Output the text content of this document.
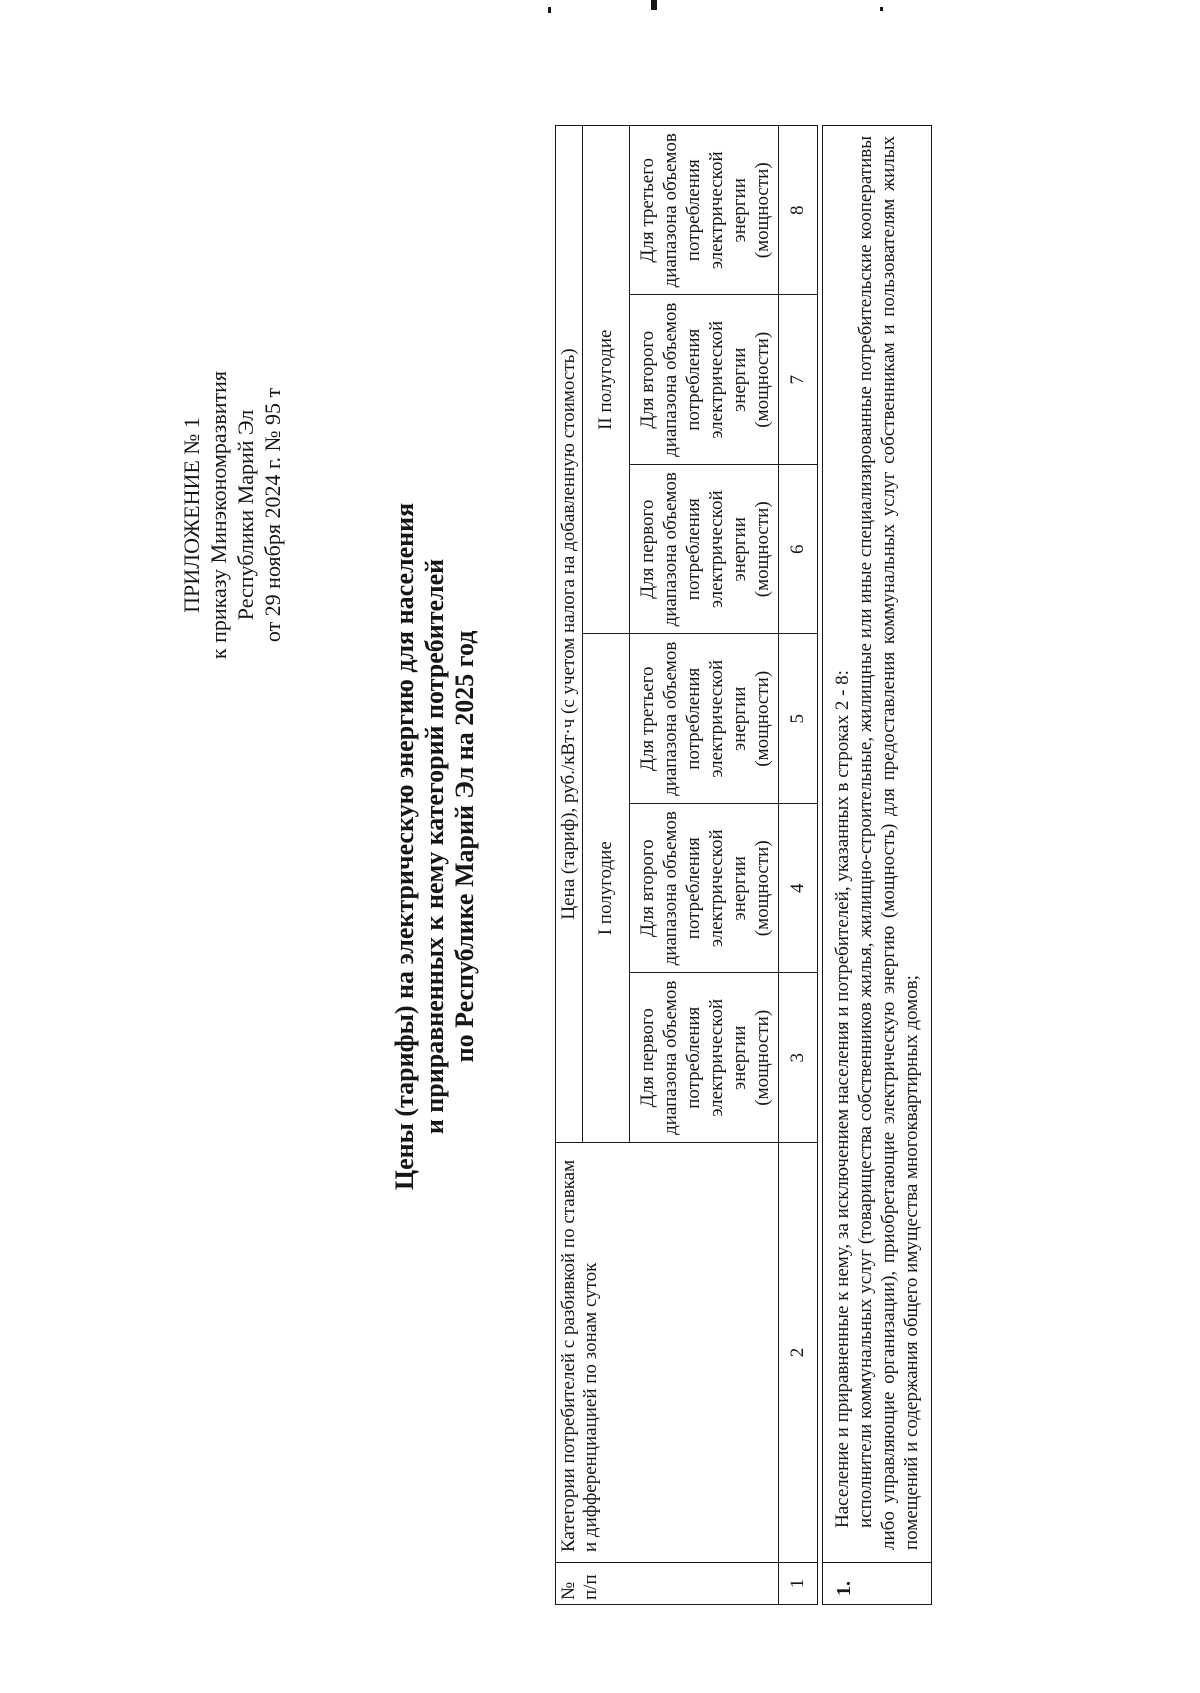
ПРИЛОЖЕНИЕ № 1 к приказу Минэкономразвития Республики Марий Эл от 29 ноября 2024 г. № 95 т	Цены (тарифы) на электрическую энергию для населения и приравненных к нему категорий потребителей по Республике Марий Эл на 2025 год
№ п/п	Категории потребителей с разбивкой по ставкам и дифференциацией по зонам суток	Цена (тариф), руб./кВт·ч (с учетом налога на добавленную стоимость)					
		I полугодие			II полугодие		
		Для первого диапазона объемов потребления электрической энергии (мощности)	Для второго диапазона объемов потребления электрической энергии (мощности)	Для третьего диапазона объемов потребления электрической энергии (мощности)	Для первого диапазона объемов потребления электрической энергии (мощности)	Для второго диапазона объемов потребления электрической энергии (мощности)	Для третьего диапазона объемов потребления электрической энергии (мощности)
1	2	3	4	5	6	7	8

1.	Население и приравненные к нему, за исключением населения и потребителей, указанных в строках 2 - 8: исполнители коммунальных услуг (товарищества собственников жилья, жилищно-строительные, жилищные или иные специализированные потребительские кооперативы либо управляющие организации), приобретающие электрическую энергию (мощность) для предоставления коммунальных услуг собственникам и пользователям жилых помещений и содержания общего имущества многоквартирных домов;						
